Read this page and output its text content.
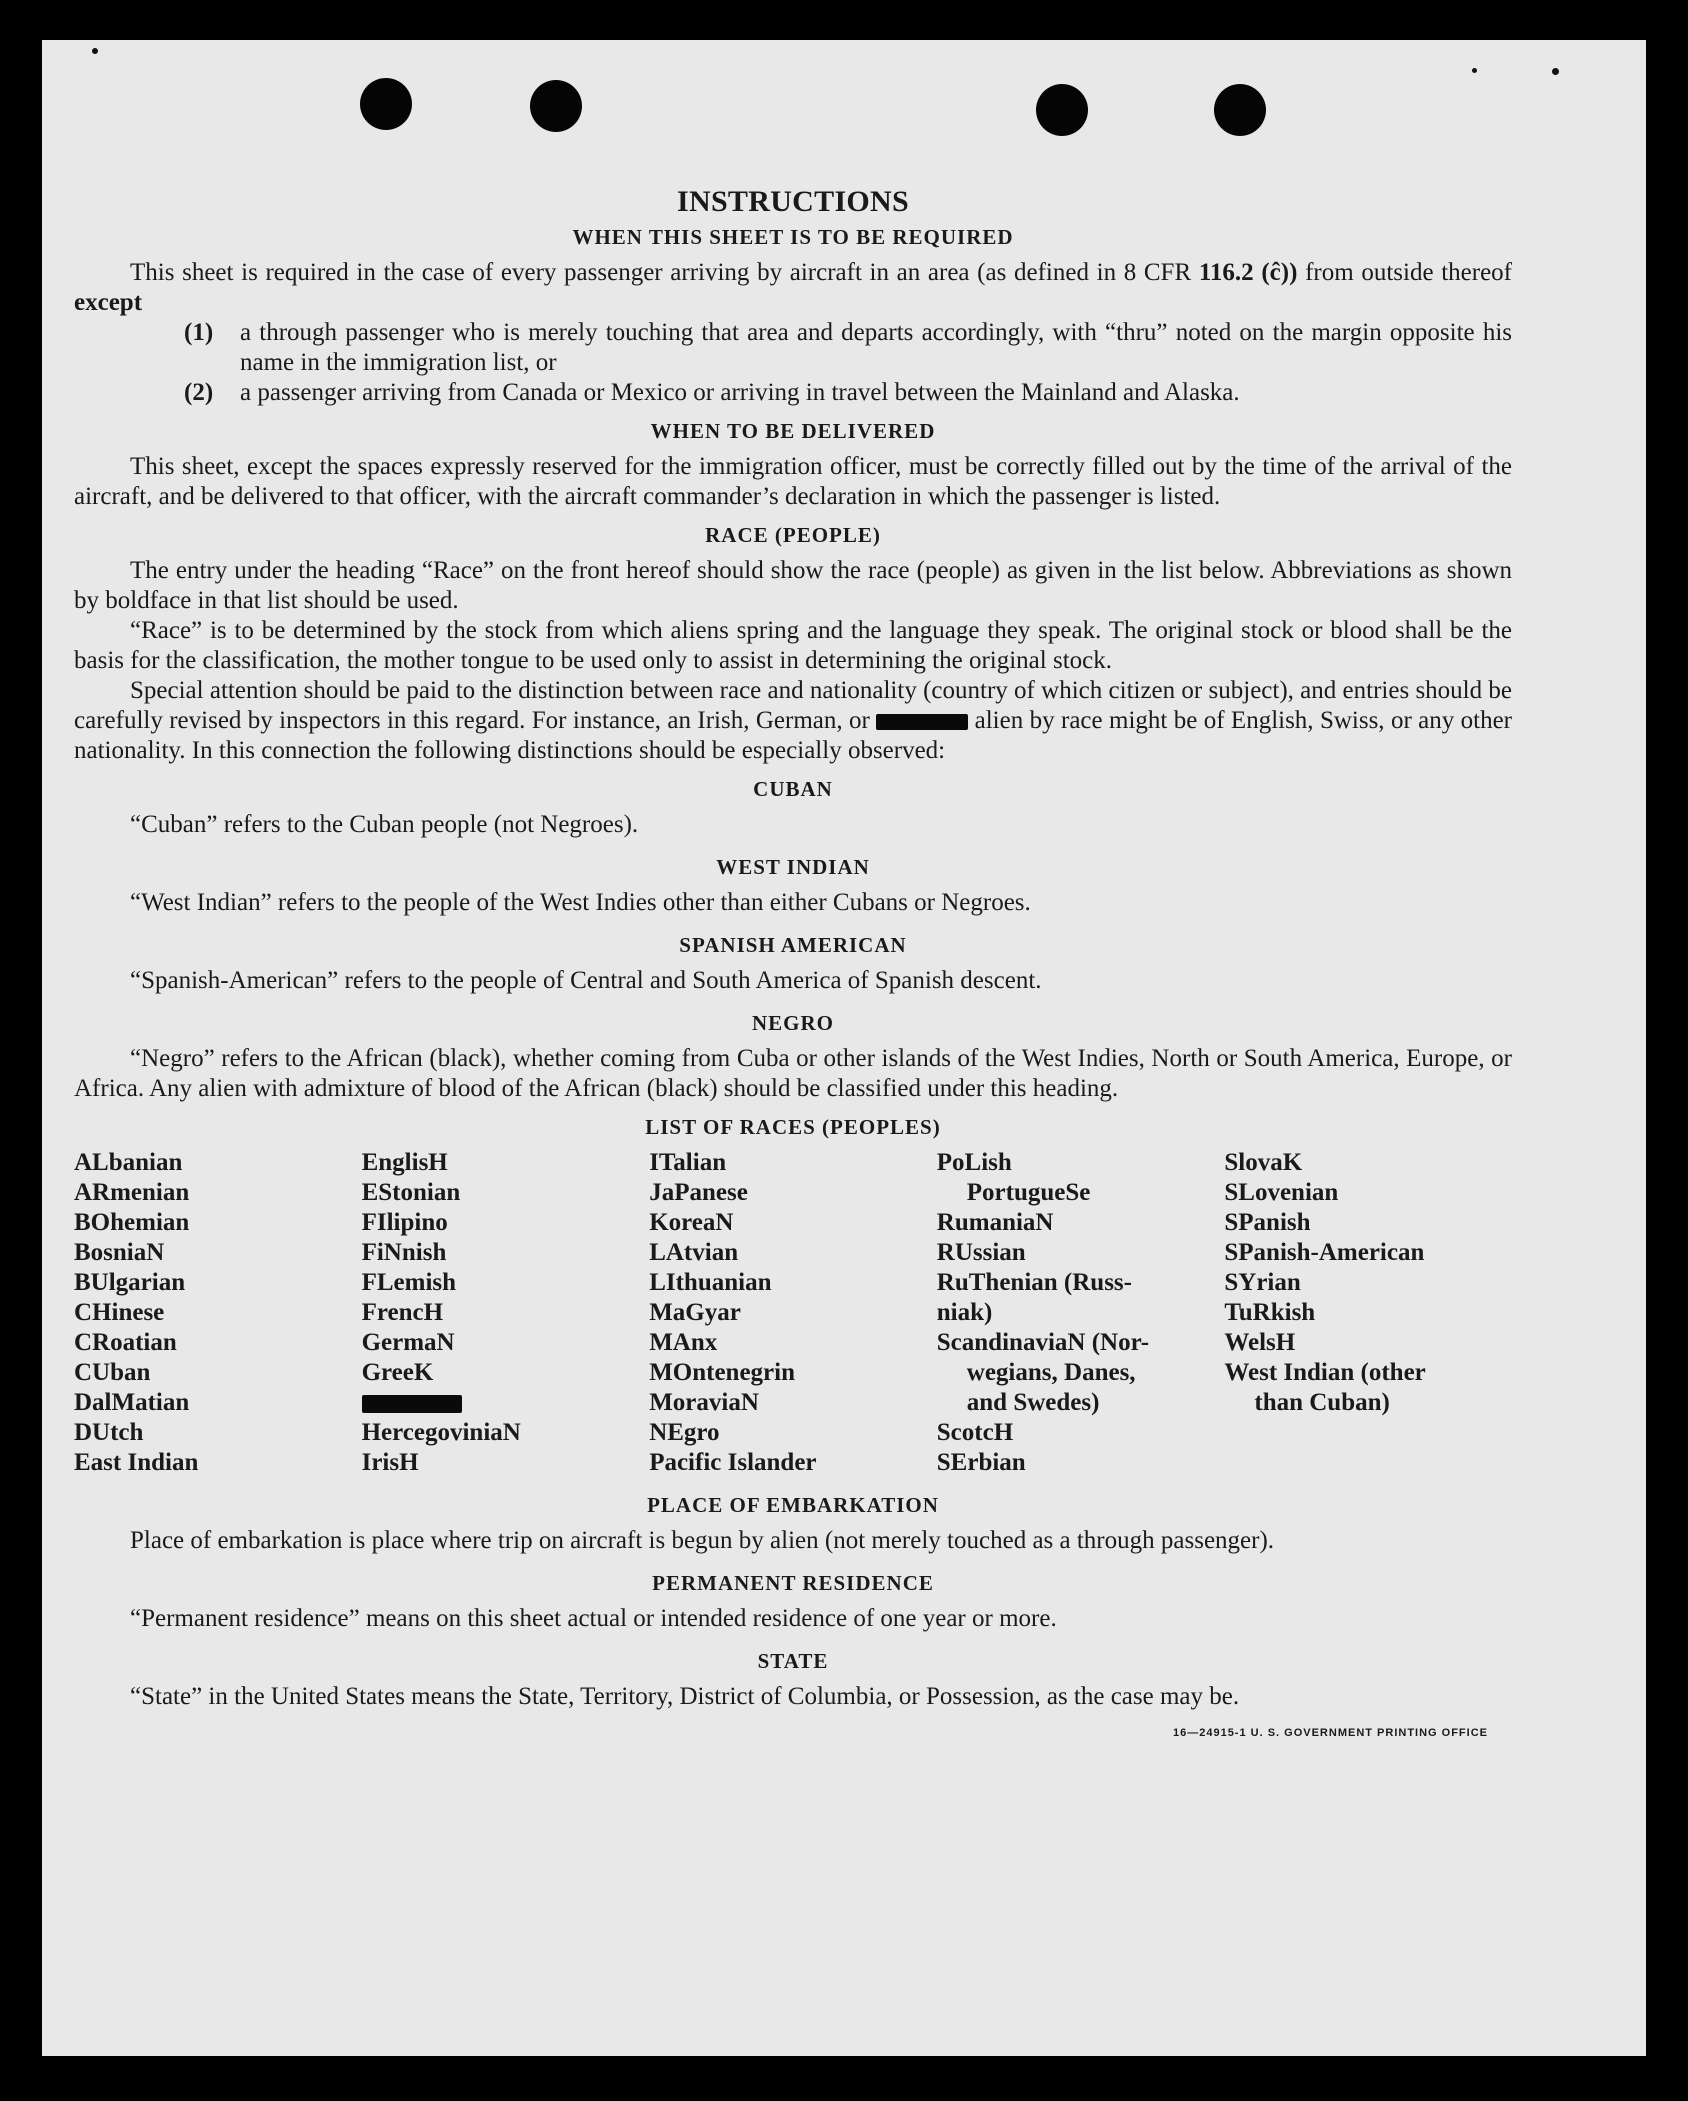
INSTRUCTIONS
WHEN THIS SHEET IS TO BE REQUIRED

This sheet is required in the case of every passenger arriving by aircraft in an area (as defined in 8 CFR 116.2 (ĉ)) from outside thereof except

(1)	a through passenger who is merely touching that area and departs accordingly, with “thru” noted on the margin opposite his name in the immigration list, or
(2)	a passenger arriving from Canada or Mexico or arriving in travel between the Mainland and Alaska.
WHEN TO BE DELIVERED

This sheet, except the spaces expressly reserved for the immigration officer, must be correctly filled out by the time of the arrival of the aircraft, and be delivered to that officer, with the aircraft commander’s declaration in which the passenger is listed.

RACE (PEOPLE)

The entry under the heading “Race” on the front hereof should show the race (people) as given in the list below. Abbreviations as shown by boldface in that list should be used.

“Race” is to be determined by the stock from which aliens spring and the language they speak. The original stock or blood shall be the basis for the classification, the mother tongue to be used only to assist in determining the original stock.

Special attention should be paid to the distinction between race and nationality (country of which citizen or subject), and entries should be carefully revised by inspectors in this regard. For instance, an Irish, German, or	alien by race might be of English, Swiss, or any other nationality. In this connection the following distinctions should be especially observed:

CUBAN

“Cuban” refers to the Cuban people (not Negroes).

WEST INDIAN

“West Indian” refers to the people of the West Indies other than either Cubans or Negroes.

SPANISH AMERICAN

“Spanish-American” refers to the people of Central and South America of Spanish descent.

NEGRO

“Negro” refers to the African (black), whether coming from Cuba or other islands of the West Indies, North or South America, Europe, or Africa. Any alien with admixture of blood of the African (black) should be classified under this heading.

LIST OF RACES (PEOPLES)
ALbanian
ARmenian
BOhemian
BosniaN
BUlgarian
CHinese
CRoatian
CUban
DalMatian
DUtch
East Indian
EnglisH
EStonian
FIlipino
FiNnish
FLemish
FrencH
GermaN
GreeK
HercegoviniaN
IrisH
ITalian
JaPanese
KoreaN
LAtvian
LIthuanian
MaGyar
MAnx
MOntenegrin
MoraviaN
NEgro
Pacific Islander
PoLish
PortugueSe
RumaniaN
RUssian
RuThenian (Russ-
niak)
ScandinaviaN (Nor-
wegians, Danes,
and Swedes)
ScotcH
SErbian
SlovaK
SLovenian
SPanish
SPanish-American
SYrian
TuRkish
WelsH
West Indian (other
than Cuban)
PLACE OF EMBARKATION

Place of embarkation is place where trip on aircraft is begun by alien (not merely touched as a through passenger).

PERMANENT RESIDENCE

“Permanent residence” means on this sheet actual or intended residence of one year or more.

STATE

“State” in the United States means the State, Territory, District of Columbia, or Possession, as the case may be.

16—24915-1 U. S. GOVERNMENT PRINTING OFFICE
